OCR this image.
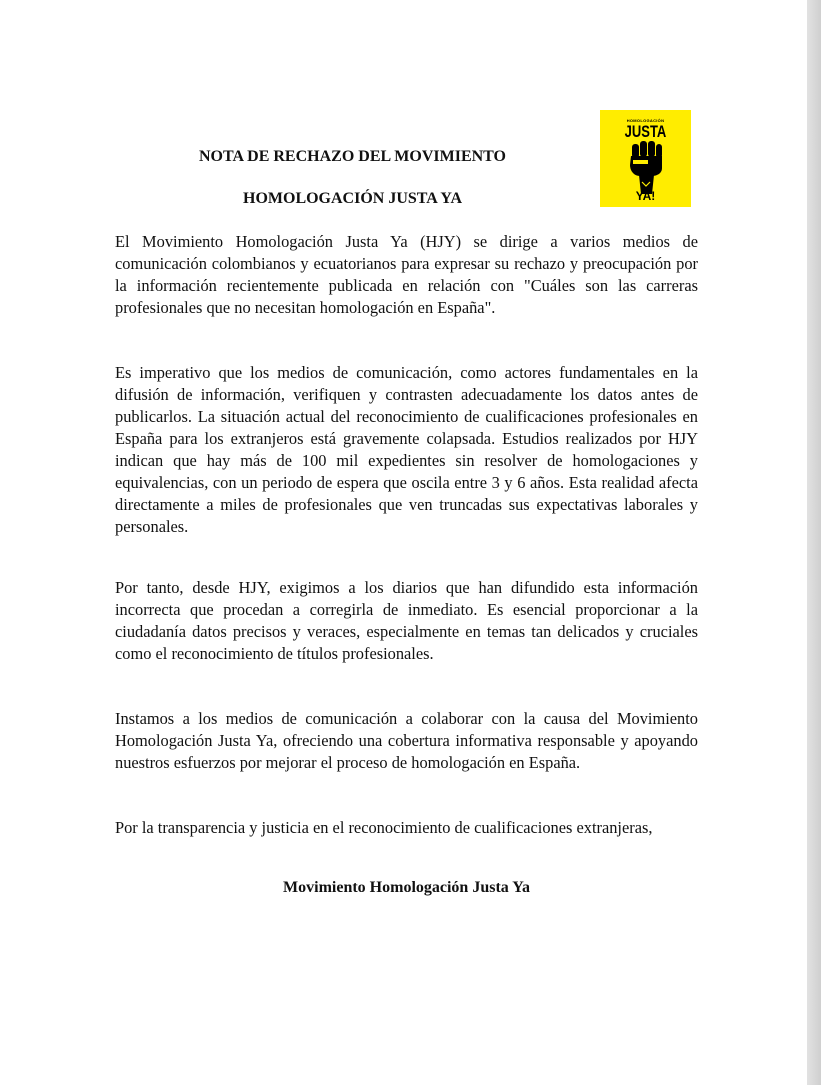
HOMOLOGACIÓN
JUSTA
YA!
NOTA DE RECHAZO DEL MOVIMIENTO
HOMOLOGACIÓN JUSTA YA

El Movimiento Homologación Justa Ya (HJY) se dirige a varios medios de comunicación colombianos y ecuatorianos para expresar su rechazo y preocupación por la información recientemente publicada en relación con "Cuáles son las carreras profesionales que no necesitan homologación en España".

Es imperativo que los medios de comunicación, como actores fundamentales en la difusión de información, verifiquen y contrasten adecuadamente los datos antes de publicarlos. La situación actual del reconocimiento de cualificaciones profesionales en España para los extranjeros está gravemente colapsada. Estudios realizados por HJY indican que hay más de 100 mil expedientes sin resolver de homologaciones y equivalencias, con un periodo de espera que oscila entre 3 y 6 años. Esta realidad afecta directamente a miles de profesionales que ven truncadas sus expectativas laborales y personales.

Por tanto, desde HJY, exigimos a los diarios que han difundido esta información incorrecta que procedan a corregirla de inmediato. Es esencial proporcionar a la ciudadanía datos precisos y veraces, especialmente en temas tan delicados y cruciales como el reconocimiento de títulos profesionales.

Instamos a los medios de comunicación a colaborar con la causa del Movimiento Homologación Justa Ya, ofreciendo una cobertura informativa responsable y apoyando nuestros esfuerzos por mejorar el proceso de homologación en España.

Por la transparencia y justicia en el reconocimiento de cualificaciones extranjeras,

Movimiento Homologación Justa Ya
